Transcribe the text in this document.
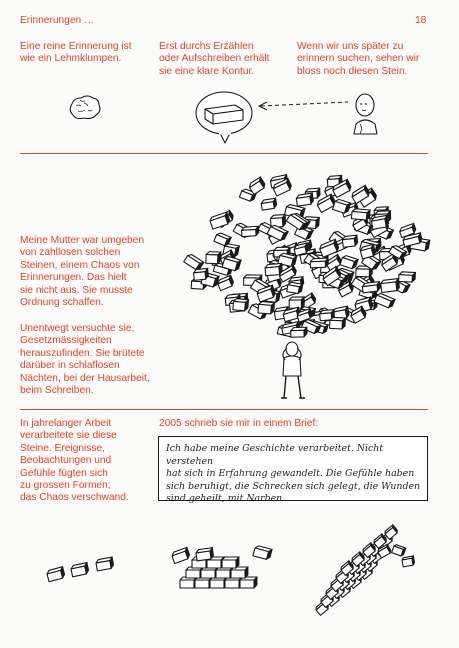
Erinnerungen …	18
Eine reine Erinnerung ist
wie ein Lehmklumpen.
Erst durchs Erzählen
oder Aufschreiben erhält
sie eine klare Kontur.
Wenn wir uns später zu
erinnern suchen, sehen wir
bloss noch diesen Stein.
Meine Mutter war umgeben
von zahllosen solchen
Steinen, einem Chaos von
Erinnerungen. Das hielt
sie nicht aus. Sie musste
Ordnung schaffen.
Unentwegt versuchte sie,
Gesetzmässigkeiten
herauszufinden. Sie brütete
darüber in schlaflosen
Nächten, bei der Hausarbeit,
beim Schreiben.
In jahrelanger Arbeit
verarbeitete sie diese
Steine. Ereignisse,
Beobachtungen und
Gefühle fügten sich
zu grossen Formen;
das Chaos verschwand.
2005 schrieb sie mir in einem Brief:
Ich habe meine Geschichte verarbeitet. Nicht verstehen
hat sich in Erfahrung gewandelt. Die Gefühle haben
sich beruhigt, die Schrecken sich gelegt, die Wunden
sind geheilt, mit Narben.
